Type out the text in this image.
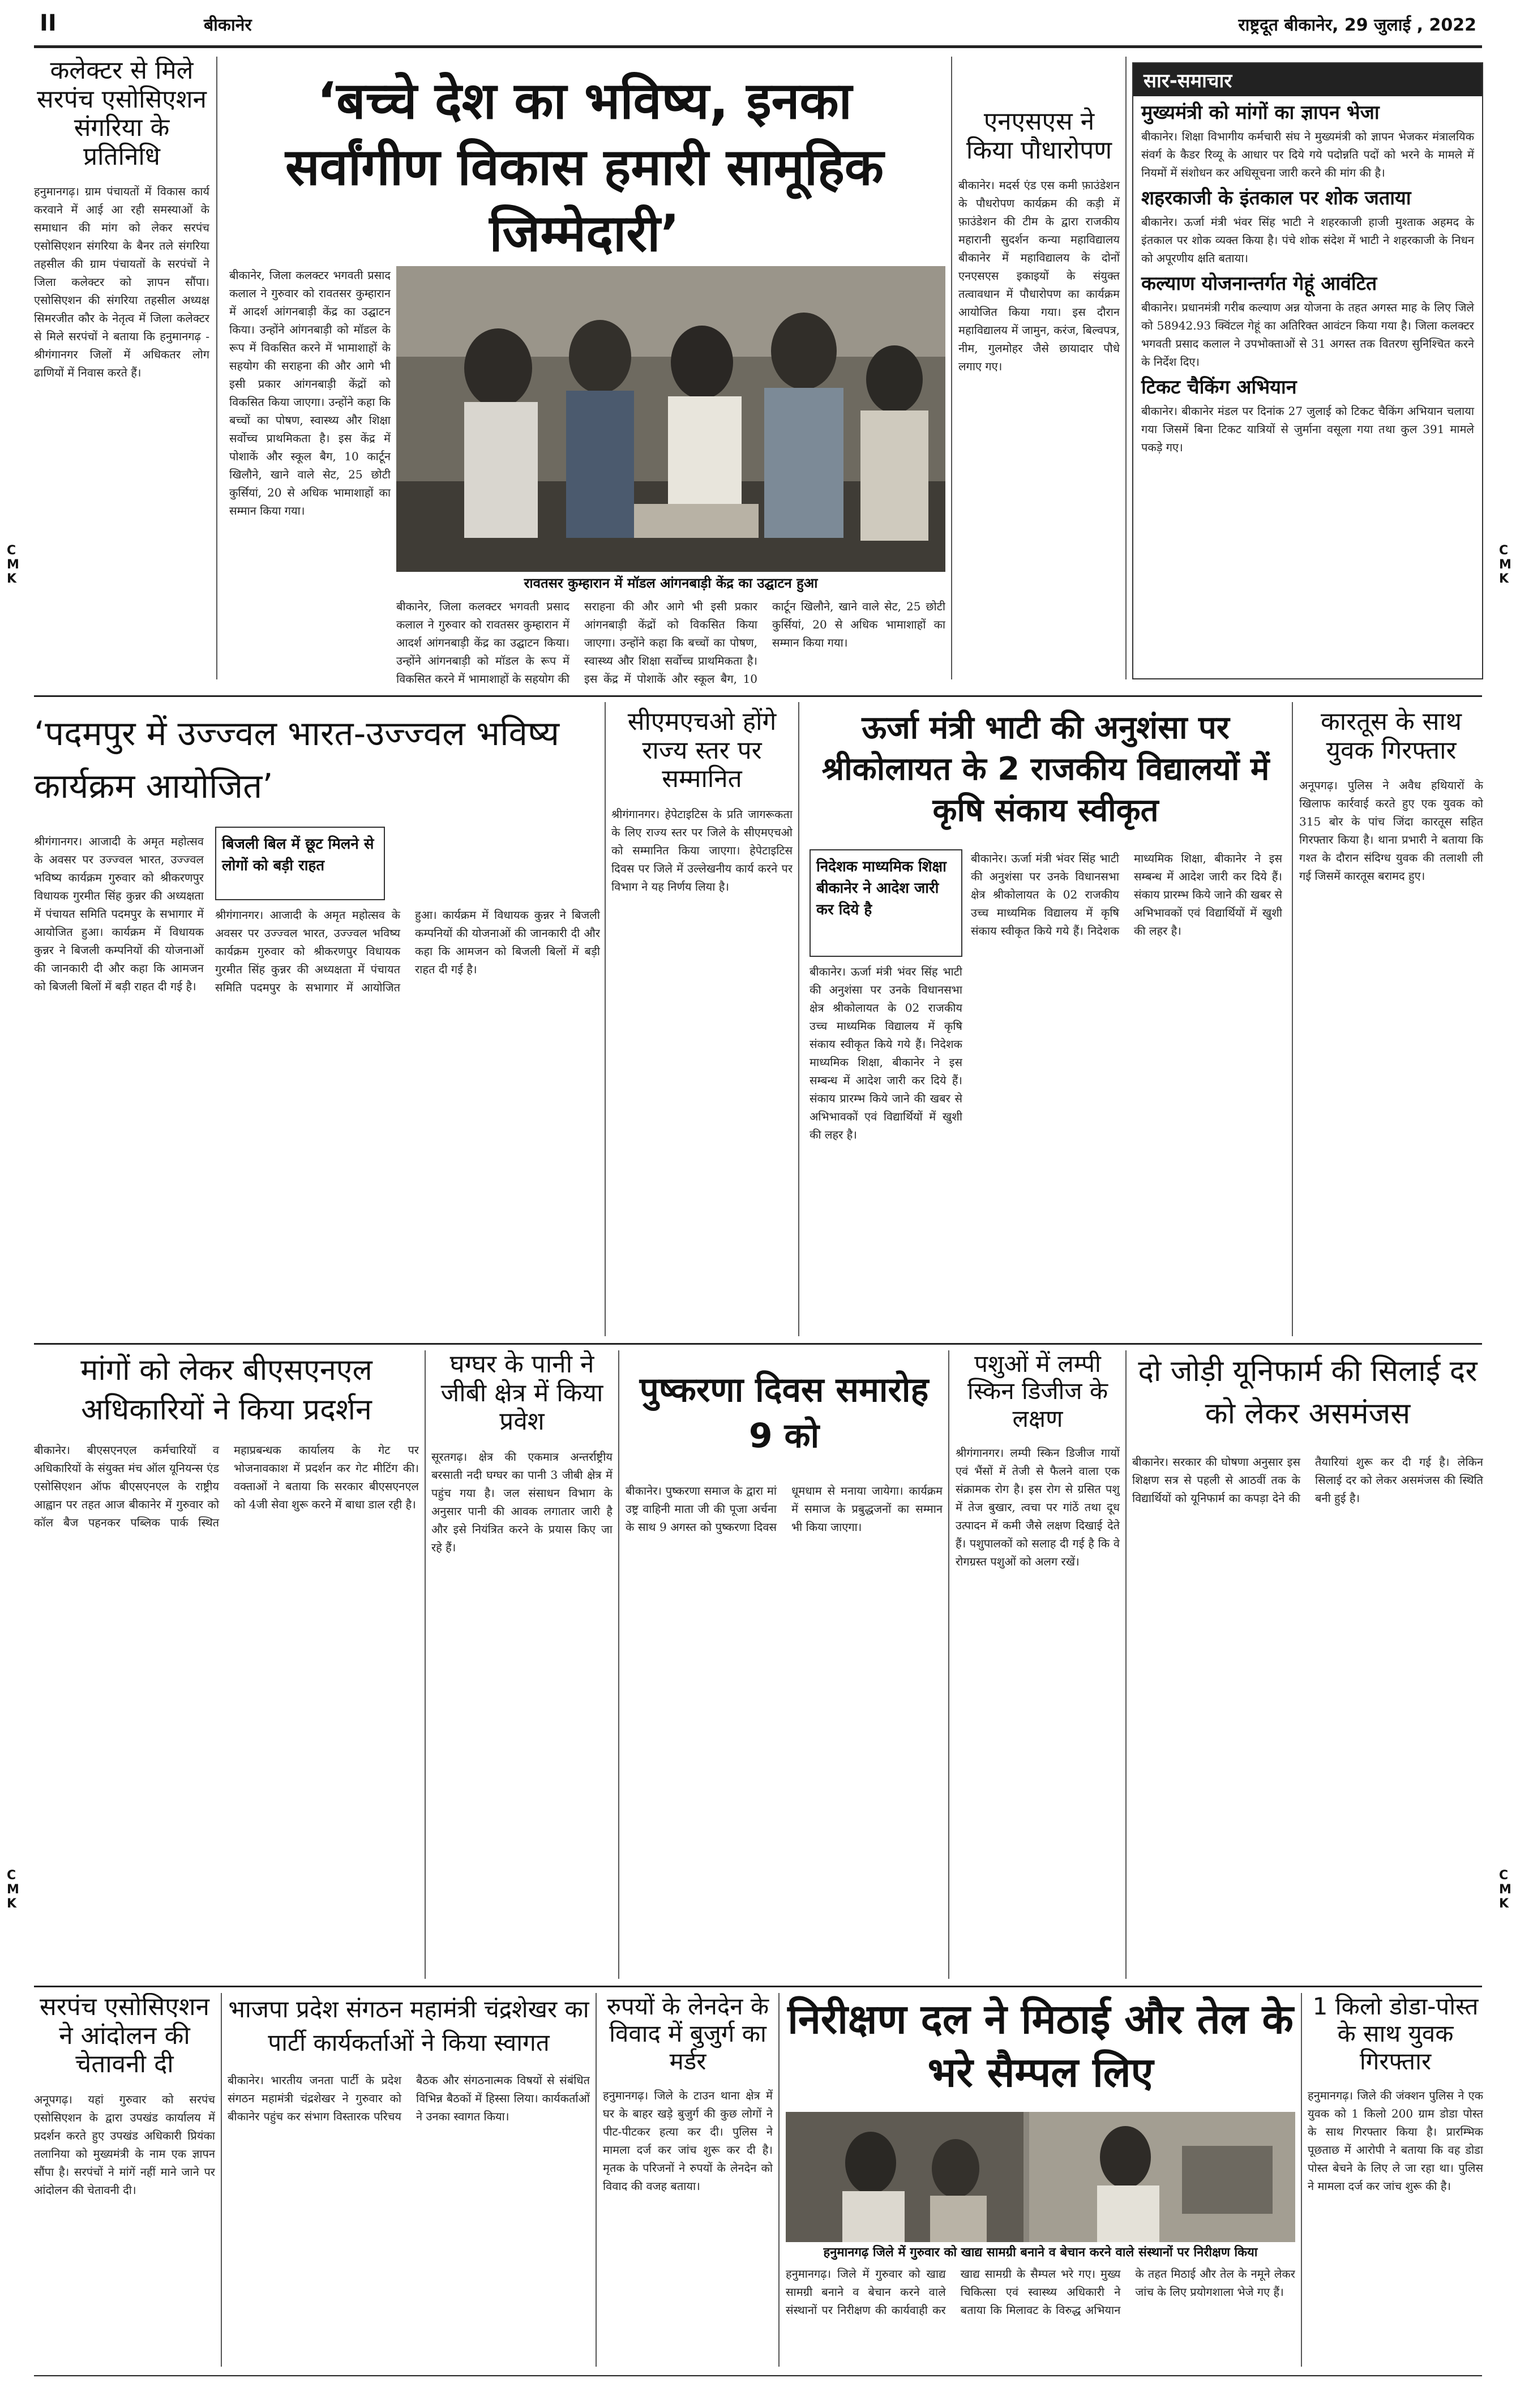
II	बीकानेर	राष्ट्रदूत बीकानेर, 29 जुलाई , 2022
C
M
K
C
M
K
C
M
K
C
M
K
कलेक्टर से मिले सरपंच एसोसिएशन संगरिया के प्रतिनिधि
हनुमानगढ़। ग्राम पंचायतों में विकास कार्य करवाने में आई आ रही समस्याओं के समाधान की मांग को लेकर सरपंच एसोसिएशन संगरिया के बैनर तले संगरिया तहसील की ग्राम पंचायतों के सरपंचों ने जिला कलेक्टर को ज्ञापन सौंपा। एसोसिएशन की संगरिया तहसील अध्यक्ष सिमरजीत कौर के नेतृत्व में जिला कलेक्टर से मिले सरपंचों ने बताया कि हनुमानगढ़ - श्रीगंगानगर जिलों में अधिकतर लोग ढाणियों में निवास करते हैं।
‘बच्चे देश का भविष्य, इनका सर्वांगीण विकास हमारी सामूहिक जिम्मेदारी’
रावतसर कुम्हारान में मॉडल आंगनबाड़ी केंद्र का उद्घाटन हुआ
बीकानेर, जिला कलक्टर भगवती प्रसाद कलाल ने गुरुवार को रावतसर कुम्हारान में आदर्श आंगनबाड़ी केंद्र का उद्घाटन किया। उन्होंने आंगनबाड़ी को मॉडल के रूप में विकसित करने में भामाशाहों के सहयोग की सराहना की और आगे भी इसी प्रकार आंगनबाड़ी केंद्रों को विकसित किया जाएगा। उन्होंने कहा कि बच्चों का पोषण, स्वास्थ्य और शिक्षा सर्वोच्च प्राथमिकता है। इस केंद्र में पोशाकें और स्कूल बैग, 10 कार्टून खिलौने, खाने वाले सेट, 25 छोटी कुर्सियां, 20 से अधिक भामाशाहों का सम्मान किया गया।
बीकानेर, जिला कलक्टर भगवती प्रसाद कलाल ने गुरुवार को रावतसर कुम्हारान में आदर्श आंगनबाड़ी केंद्र का उद्घाटन किया। उन्होंने आंगनबाड़ी को मॉडल के रूप में विकसित करने में भामाशाहों के सहयोग की सराहना की और आगे भी इसी प्रकार आंगनबाड़ी केंद्रों को विकसित किया जाएगा। उन्होंने कहा कि बच्चों का पोषण, स्वास्थ्य और शिक्षा सर्वोच्च प्राथमिकता है। इस केंद्र में पोशाकें और स्कूल बैग, 10 कार्टून खिलौने, खाने वाले सेट, 25 छोटी कुर्सियां, 20 से अधिक भामाशाहों का सम्मान किया गया।
एनएसएस ने किया पौधारोपण
बीकानेर। मदर्स एंड एस कमी फ़ाउंडेशन के पौधरोपण कार्यक्रम की कड़ी में फ़ाउंडेशन की टीम के द्वारा राजकीय महारानी सुदर्शन कन्या महाविद्यालय बीकानेर में महाविद्यालय के दोनों एनएसएस इकाइयों के संयुक्त तत्वावधान में पौधारोपण का कार्यक्रम आयोजित किया गया। इस दौरान महाविद्यालय में जामुन, करंज, बिल्वपत्र, नीम, गुलमोहर जैसे छायादार पौधे लगाए गए।
सार-समाचार
मुख्यमंत्री को मांगों का ज्ञापन भेजा
बीकानेर। शिक्षा विभागीय कर्मचारी संघ ने मुख्यमंत्री को ज्ञापन भेजकर मंत्रालयिक संवर्ग के कैडर रिव्यू के आधार पर दिये गये पदोन्नति पदों को भरने के मामले में नियमों में संशोधन कर अधिसूचना जारी करने की मांग की है।
शहरकाजी के इंतकाल पर शोक जताया
बीकानेर। ऊर्जा मंत्री भंवर सिंह भाटी ने शहरकाजी हाजी मुश्ताक अहमद के इंतकाल पर शोक व्यक्त किया है। पंचे शोक संदेश में भाटी ने शहरकाजी के निधन को अपूरणीय क्षति बताया।
कल्याण योजनान्तर्गत गेहूं आवंटित
बीकानेर। प्रधानमंत्री गरीब कल्याण अन्न योजना के तहत अगस्त माह के लिए जिले को 58942.93 क्विंटल गेहूं का अतिरिक्त आवंटन किया गया है। जिला कलक्टर भगवती प्रसाद कलाल ने उपभोक्ताओं से 31 अगस्त तक वितरण सुनिश्चित करने के निर्देश दिए।
टिकट चैकिंग अभियान
बीकानेर। बीकानेर मंडल पर दिनांक 27 जुलाई को टिकट चैकिंग अभियान चलाया गया जिसमें बिना टिकट यात्रियों से जुर्माना वसूला गया तथा कुल 391 मामले पकड़े गए।
‘पदमपुर में उज्ज्वल भारत-उज्ज्वल भविष्य कार्यक्रम आयोजित’
श्रीगंगानगर। आजादी के अमृत महोत्सव के अवसर पर उज्ज्वल भारत, उज्ज्वल भविष्य कार्यक्रम गुरुवार को श्रीकरणपुर विधायक गुरमीत सिंह कुन्नर की अध्यक्षता में पंचायत समिति पदमपुर के सभागार में आयोजित हुआ। कार्यक्रम में विधायक कुन्नर ने बिजली कम्पनियों की योजनाओं की जानकारी दी और कहा कि आमजन को बिजली बिलों में बड़ी राहत दी गई है।
बिजली बिल में छूट मिलने से लोगों को बड़ी राहत
श्रीगंगानगर। आजादी के अमृत महोत्सव के अवसर पर उज्ज्वल भारत, उज्ज्वल भविष्य कार्यक्रम गुरुवार को श्रीकरणपुर विधायक गुरमीत सिंह कुन्नर की अध्यक्षता में पंचायत समिति पदमपुर के सभागार में आयोजित हुआ। कार्यक्रम में विधायक कुन्नर ने बिजली कम्पनियों की योजनाओं की जानकारी दी और कहा कि आमजन को बिजली बिलों में बड़ी राहत दी गई है।
सीएमएचओ होंगे राज्य स्तर पर सम्मानित
श्रीगंगानगर। हेपेटाइटिस के प्रति जागरूकता के लिए राज्य स्तर पर जिले के सीएमएचओ को सम्मानित किया जाएगा। हेपेटाइटिस दिवस पर जिले में उल्लेखनीय कार्य करने पर विभाग ने यह निर्णय लिया है।
ऊर्जा मंत्री भाटी की अनुशंसा पर श्रीकोलायत के 2 राजकीय विद्यालयों में कृषि संकाय स्वीकृत
निदेशक माध्यमिक शिक्षा बीकानेर ने आदेश जारी कर दिये है
बीकानेर। ऊर्जा मंत्री भंवर सिंह भाटी की अनुशंसा पर उनके विधानसभा क्षेत्र श्रीकोलायत के 02 राजकीय उच्च माध्यमिक विद्यालय में कृषि संकाय स्वीकृत किये गये हैं। निदेशक माध्यमिक शिक्षा, बीकानेर ने इस सम्बन्ध में आदेश जारी कर दिये हैं। संकाय प्रारम्भ किये जाने की खबर से अभिभावकों एवं विद्यार्थियों में खुशी की लहर है।
बीकानेर। ऊर्जा मंत्री भंवर सिंह भाटी की अनुशंसा पर उनके विधानसभा क्षेत्र श्रीकोलायत के 02 राजकीय उच्च माध्यमिक विद्यालय में कृषि संकाय स्वीकृत किये गये हैं। निदेशक माध्यमिक शिक्षा, बीकानेर ने इस सम्बन्ध में आदेश जारी कर दिये हैं। संकाय प्रारम्भ किये जाने की खबर से अभिभावकों एवं विद्यार्थियों में खुशी की लहर है।
कारतूस के साथ युवक गिरफ्तार
अनूपगढ़। पुलिस ने अवैध हथियारों के खिलाफ कार्रवाई करते हुए एक युवक को 315 बोर के पांच जिंदा कारतूस सहित गिरफ्तार किया है। थाना प्रभारी ने बताया कि गश्त के दौरान संदिग्ध युवक की तलाशी ली गई जिसमें कारतूस बरामद हुए।
मांगों को लेकर बीएसएनएल अधिकारियों ने किया प्रदर्शन
बीकानेर। बीएसएनएल कर्मचारियों व अधिकारियों के संयुक्त मंच ऑल यूनियन्स एंड एसोसिएशन ऑफ बीएसएनएल के राष्ट्रीय आह्वान पर तहत आज बीकानेर में गुरुवार को कॉल बैज पहनकर पब्लिक पार्क स्थित महाप्रबन्धक कार्यालय के गेट पर भोजनावकाश में प्रदर्शन कर गेट मीटिंग की। वक्ताओं ने बताया कि सरकार बीएसएनएल को 4जी सेवा शुरू करने में बाधा डाल रही है।
घग्घर के पानी ने जीबी क्षेत्र में किया प्रवेश
सूरतगढ़। क्षेत्र की एकमात्र अन्तर्राष्ट्रीय बरसाती नदी घग्घर का पानी 3 जीबी क्षेत्र में पहुंच गया है। जल संसाधन विभाग के अनुसार पानी की आवक लगातार जारी है और इसे नियंत्रित करने के प्रयास किए जा रहे हैं।
पुष्करणा दिवस समारोह 9 को
बीकानेर। पुष्करणा समाज के द्वारा मां उष्ट्र वाहिनी माता जी की पूजा अर्चना के साथ 9 अगस्त को पुष्करणा दिवस धूमधाम से मनाया जायेगा। कार्यक्रम में समाज के प्रबुद्धजनों का सम्मान भी किया जाएगा।
पशुओं में लम्पी स्किन डिजीज के लक्षण
श्रीगंगानगर। लम्पी स्किन डिजीज गायों एवं भैंसों में तेजी से फैलने वाला एक संक्रामक रोग है। इस रोग से ग्रसित पशु में तेज बुखार, त्वचा पर गांठें तथा दूध उत्पादन में कमी जैसे लक्षण दिखाई देते हैं। पशुपालकों को सलाह दी गई है कि वे रोगग्रस्त पशुओं को अलग रखें।
दो जोड़ी यूनिफार्म की सिलाई दर को लेकर असमंजस
बीकानेर। सरकार की घोषणा अनुसार इस शिक्षण सत्र से पहली से आठवीं तक के विद्यार्थियों को यूनिफार्म का कपड़ा देने की तैयारियां शुरू कर दी गई है। लेकिन सिलाई दर को लेकर असमंजस की स्थिति बनी हुई है।
सरपंच एसोसिएशन ने आंदोलन की चेतावनी दी
अनूपगढ़। यहां गुरुवार को सरपंच एसोसिएशन के द्वारा उपखंड कार्यालय में प्रदर्शन करते हुए उपखंड अधिकारी प्रियंका तलानिया को मुख्यमंत्री के नाम एक ज्ञापन सौंपा है। सरपंचों ने मांगें नहीं माने जाने पर आंदोलन की चेतावनी दी।
भाजपा प्रदेश संगठन महामंत्री चंद्रशेखर का पार्टी कार्यकर्ताओं ने किया स्वागत
बीकानेर। भारतीय जनता पार्टी के प्रदेश संगठन महामंत्री चंद्रशेखर ने गुरुवार को बीकानेर पहुंच कर संभाग विस्तारक परिचय बैठक और संगठनात्मक विषयों से संबंधित विभिन्न बैठकों में हिस्सा लिया। कार्यकर्ताओं ने उनका स्वागत किया।
रुपयों के लेनदेन के विवाद में बुजुर्ग का मर्डर
हनुमानगढ़। जिले के टाउन थाना क्षेत्र में घर के बाहर खड़े बुजुर्ग की कुछ लोगों ने पीट-पीटकर हत्या कर दी। पुलिस ने मामला दर्ज कर जांच शुरू कर दी है। मृतक के परिजनों ने रुपयों के लेनदेन को विवाद की वजह बताया।
निरीक्षण दल ने मिठाई और तेल के भरे सैम्पल लिए
हनुमानगढ़ जिले में गुरुवार को खाद्य सामग्री बनाने व बेचान करने वाले संस्थानों पर निरीक्षण किया
हनुमानगढ़। जिले में गुरुवार को खाद्य सामग्री बनाने व बेचान करने वाले संस्थानों पर निरीक्षण की कार्यवाही कर खाद्य सामग्री के सैम्पल भरे गए। मुख्य चिकित्सा एवं स्वास्थ्य अधिकारी ने बताया कि मिलावट के विरुद्ध अभियान के तहत मिठाई और तेल के नमूने लेकर जांच के लिए प्रयोगशाला भेजे गए हैं।
1 किलो डोडा-पोस्त के साथ युवक गिरफ्तार
हनुमानगढ़। जिले की जंक्शन पुलिस ने एक युवक को 1 किलो 200 ग्राम डोडा पोस्त के साथ गिरफ्तार किया है। प्रारम्भिक पूछताछ में आरोपी ने बताया कि वह डोडा पोस्त बेचने के लिए ले जा रहा था। पुलिस ने मामला दर्ज कर जांच शुरू की है।
